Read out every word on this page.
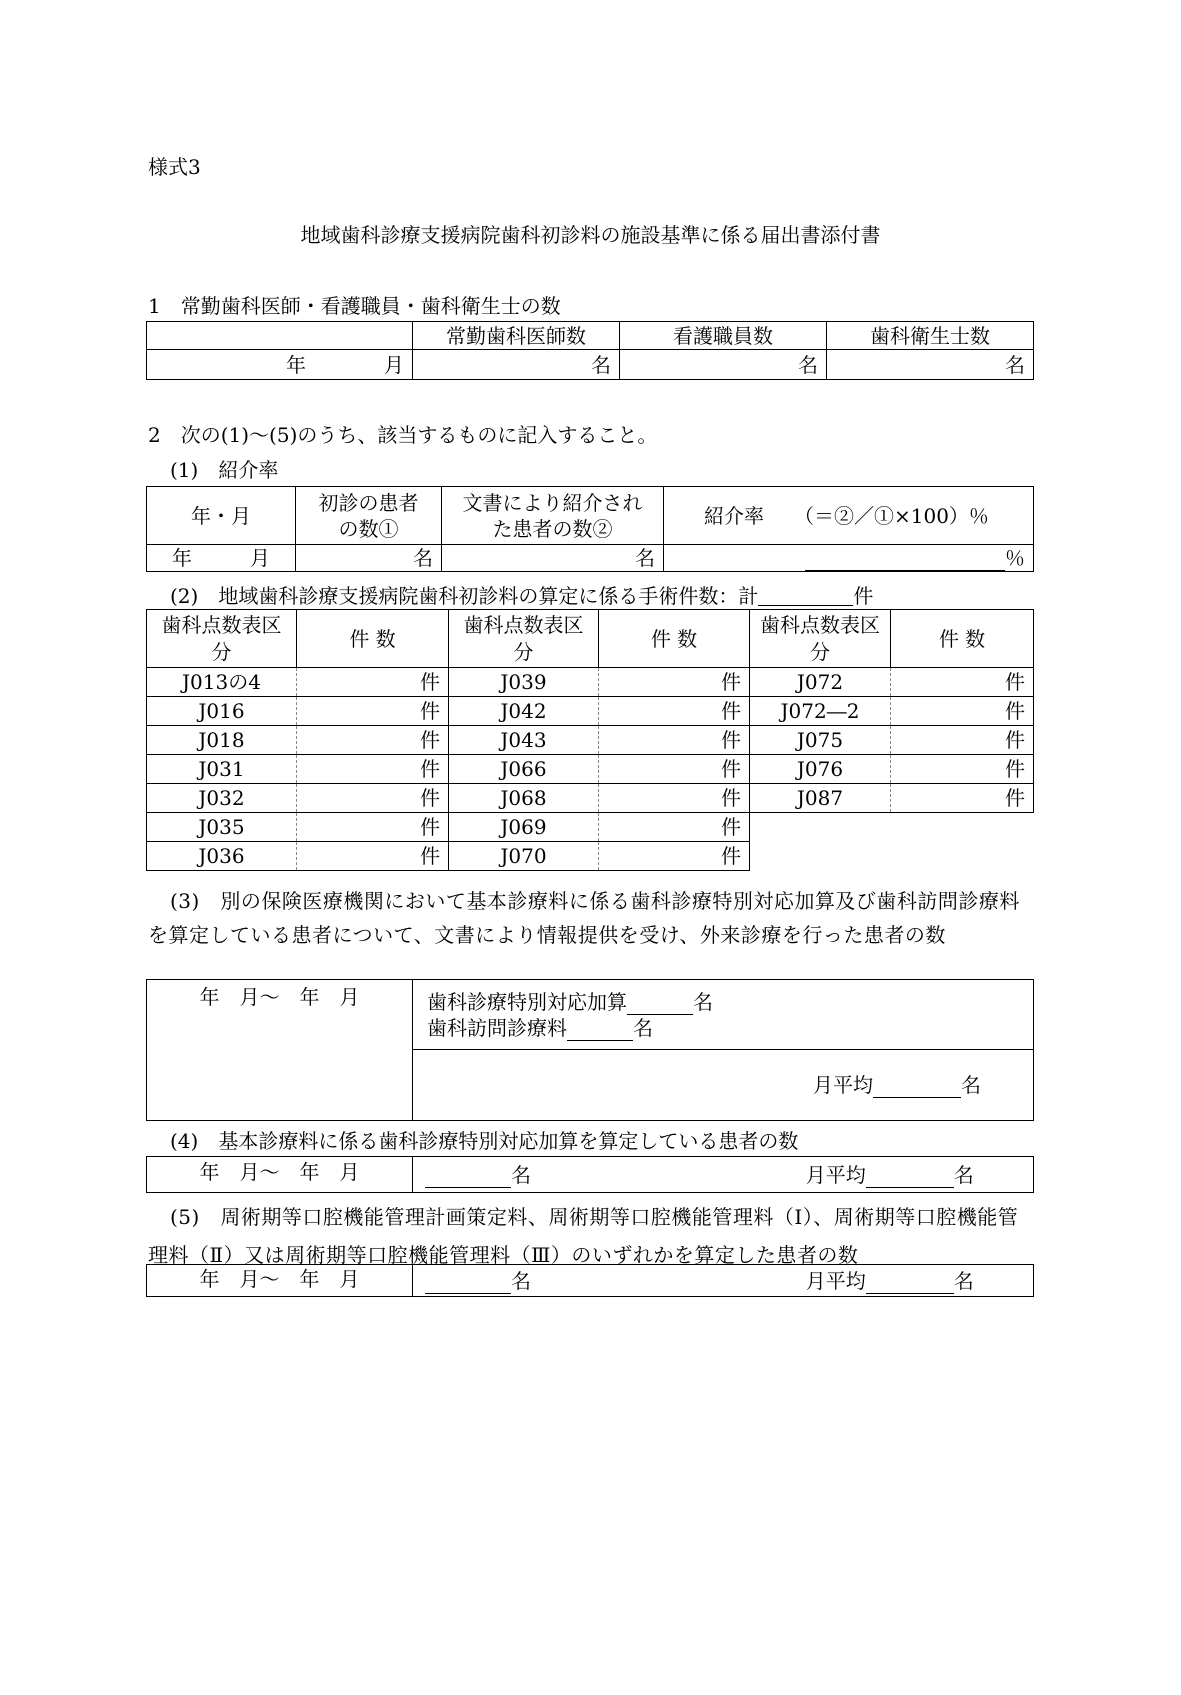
様式3
地域歯科診療支援病院歯科初診料の施設基準に係る届出書添付書
1　常勤歯科医師・看護職員・歯科衛生士の数
	常勤歯科医師数	看護職員数	歯科衛生士数
年 月	名	名	名
2　次の(1)～(5)のうち、該当するものに記入すること。
(1)　紹介率
年・月	初診の患者の数①	文書により紹介された患者の数②	紹介率　　（＝②／①×100）％
年 月	名	名	％
(2)　地域歯科診療支援病院歯科初診料の算定に係る手術件数：計	件
歯科点数表区分	件 数	歯科点数表区分	件 数	歯科点数表区分	件 数
J013の4	件	J039	件	J072	件
J016	件	J042	件	J072―2	件
J018	件	J043	件	J075	件
J031	件	J066	件	J076	件
J032	件	J068	件	J087	件
J035	件	J069	件		
J036	件	J070	件		
(3)　別の保険医療機関において基本診療料に係る歯科診療特別対応加算及び歯科訪問診療料を算定している患者について、文書により情報提供を受け、外来診療を行った患者の数
年　月～　年　月	歯科診療特別対応加算	名
歯科訪問診療料	名

月平均	名
(4)　基本診療料に係る歯科診療特別対応加算を算定している患者の数
年　月～　年　月	名	月平均	名
(5)　周術期等口腔機能管理計画策定料、周術期等口腔機能管理料（Ⅰ）、周術期等口腔機能管理料（Ⅱ）又は周術期等口腔機能管理料（Ⅲ）のいずれかを算定した患者の数
年　月～　年　月	名	月平均	名
